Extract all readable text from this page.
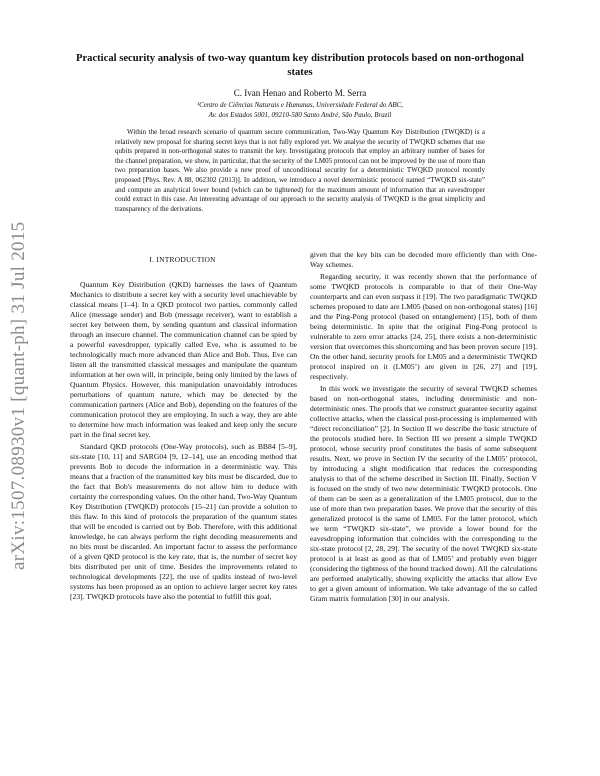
arXiv:1507.08930v1 [quant-ph] 31 Jul 2015
Practical security analysis of two-way quantum key distribution protocols based on non-orthogonal states
C. Ivan Henao and Roberto M. Serra
¹Centro de Ciências Naturais e Humanas, Universidade Federal do ABC,
Av. dos Estados 5001, 09210-580 Santo André, São Paulo, Brazil

Within the broad research scenario of quantum secure communication, Two-Way Quantum Key Distribution (TWQKD) is a relatively new proposal for sharing secret keys that is not fully explored yet. We analyse the security of TWQKD schemes that use qubits prepared in non-orthogonal states to transmit the key. Investigating protocols that employ an arbitrary number of bases for the channel preparation, we show, in particular, that the security of the LM05 protocol can not be improved by the use of more than two preparation bases. We also provide a new proof of unconditional security for a deterministic TWQKD protocol recently proposed [Phys. Rev. A 88, 062302 (2013)]. In addition, we introduce a novel deterministic protocol named “TWQKD six-state” and compute an analytical lower bound (which can be tightened) for the maximum amount of information that an eavesdropper could extract in this case. An interesting advantage of our approach to the security analysis of TWQKD is the great simplicity and transparency of the derivations.

I. INTRODUCTION

Quantum Key Distribution (QKD) harnesses the laws of Quantum Mechanics to distribute a secret key with a security level unachievable by classical means [1–4]. In a QKD protocol two parties, commonly called Alice (message sender) and Bob (message receiver), want to establish a secret key between them, by sending quantum and classical information through an insecure channel. The communication channel can be spied by a powerful eavesdropper, typically called Eve, who is assumed to be technologically much more advanced than Alice and Bob. Thus, Eve can listen all the transmitted classical messages and manipulate the quantum information at her own will, in principle, being only limited by the laws of Quantum Physics. However, this manipulation unavoidably introduces perturbations of quantum nature, which may be detected by the communication partners (Alice and Bob), depending on the features of the communication protocol they are employing. In such a way, they are able to determine how much information was leaked and keep only the secure part in the final secret key.

Standard QKD protocols (One-Way protocols), such as BB84 [5–9], six-state [10, 11] and SARG04 [9, 12–14], use an encoding method that prevents Bob to decode the information in a deterministic way. This means that a fraction of the transmitted key bits must be discarded, due to the fact that Bob's measurements do not allow him to deduce with certainty the corresponding values. On the other hand, Two-Way Quantum Key Distribution (TWQKD) protocols [15–21] can provide a solution to this flaw. In this kind of protocols the preparation of the quantum states that will be encoded is carried out by Bob. Therefore, with this additional knowledge, he can always perform the right decoding measurements and no bits must be discarded. An important factor to assess the performance of a given QKD protocol is the key rate, that is, the number of secret key bits distributed per unit of time. Besides the improvements related to technological developments [22], the use of qudits instead of two-level systems has been proposed as an option to achieve larger secret key rates [23]. TWQKD protocols have also the potential to fulfill this goal,

given that the key bits can be decoded more efficiently than with One-Way schemes.

Regarding security, it was recently shown that the performance of some TWQKD protocols is comparable to that of their One-Way counterparts and can even surpass it [19]. The two paradigmatic TWQKD schemes proposed to date are LM05 (based on non-orthogonal states) [16] and the Ping-Pong protocol (based on entanglement) [15], both of them being deterministic. In spite that the original Ping-Pong protocol is vulnerable to zero error attacks [24, 25], there exists a non-deterministic version that overcomes this shortcoming and has been proven secure [19]. On the other hand, security proofs for LM05 and a deterministic TWQKD protocol inspired on it (LM05’) are given in [26, 27] and [19], respectively.

In this work we investigate the security of several TWQKD schemes based on non-orthogonal states, including deterministic and non-deterministic ones. The proofs that we construct guarantee security against collective attacks, when the classical post-processing is implemented with “direct reconciliation” [2]. In Section II we describe the basic structure of the protocols studied here. In Section III we present a simple TWQKD protocol, whose security proof constitutes the basis of some subsequent results. Next, we prove in Section IV the security of the LM05’ protocol, by introducing a slight modification that reduces the corresponding analysis to that of the scheme described in Section III. Finally, Section V is focused on the study of two new deterministic TWQKD protocols. One of them can be seen as a generalization of the LM05 protocol, due to the use of more than two preparation bases. We prove that the security of this generalized protocol is the same of LM05. For the latter protocol, which we term “TWQKD six-state”, we provide a lower bound for the eavesdropping information that coincides with the corresponding to the six-state protocol [2, 28, 29]. The security of the novel TWQKD six-state protocol is at least as good as that of LM05’ and probably even bigger (considering the tightness of the bound tracked down). All the calculations are performed analytically, showing explicitly the attacks that allow Eve to get a given amount of information. We take advantage of the so called Gram matrix formulation [30] in our analysis.
